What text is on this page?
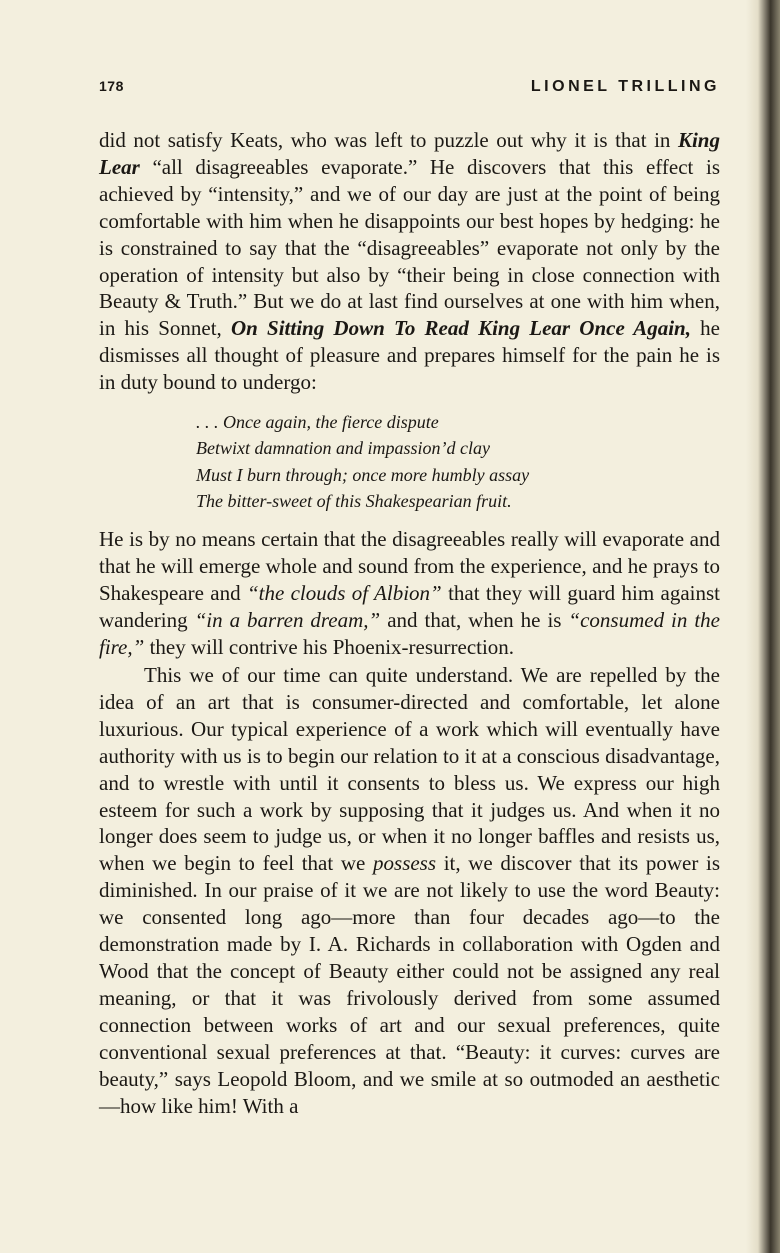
178	LIONEL TRILLING

did not satisfy Keats, who was left to puzzle out why it is that in King Lear “all disagreeables evaporate.” He discovers that this effect is achieved by “intensity,” and we of our day are just at the point of being comfortable with him when he disappoints our best hopes by hedging: he is constrained to say that the “disagreeables” evaporate not only by the operation of intensity but also by “their being in close connection with Beauty & Truth.” But we do at last find ourselves at one with him when, in his Sonnet, On Sitting Down To Read King Lear Once Again, he dismisses all thought of pleasure and prepares himself for the pain he is in duty bound to undergo:

. . . Once again, the fierce dispute
Betwixt damnation and impassion’d clay
Must I burn through; once more humbly assay
The bitter-sweet of this Shakespearian fruit.

He is by no means certain that the disagreeables really will evaporate and that he will emerge whole and sound from the experience, and he prays to Shakespeare and “the clouds of Albion” that they will guard him against wandering “in a barren dream,” and that, when he is “consumed in the fire,” they will contrive his Phoenix-resurrection.

This we of our time can quite understand. We are repelled by the idea of an art that is consumer-directed and comfortable, let alone luxurious. Our typical experience of a work which will eventually have authority with us is to begin our relation to it at a conscious disadvantage, and to wrestle with until it consents to bless us. We express our high esteem for such a work by supposing that it judges us. And when it no longer does seem to judge us, or when it no longer baffles and resists us, when we begin to feel that we possess it, we discover that its power is diminished. In our praise of it we are not likely to use the word Beauty: we consented long ago—more than four decades ago—to the demonstration made by I. A. Richards in collaboration with Ogden and Wood that the concept of Beauty either could not be assigned any real meaning, or that it was frivolously derived from some assumed connection between works of art and our sexual preferences, quite conventional sexual preferences at that. “Beauty: it curves: curves are beauty,” says Leopold Bloom, and we smile at so outmoded an aesthetic—how like him! With a
